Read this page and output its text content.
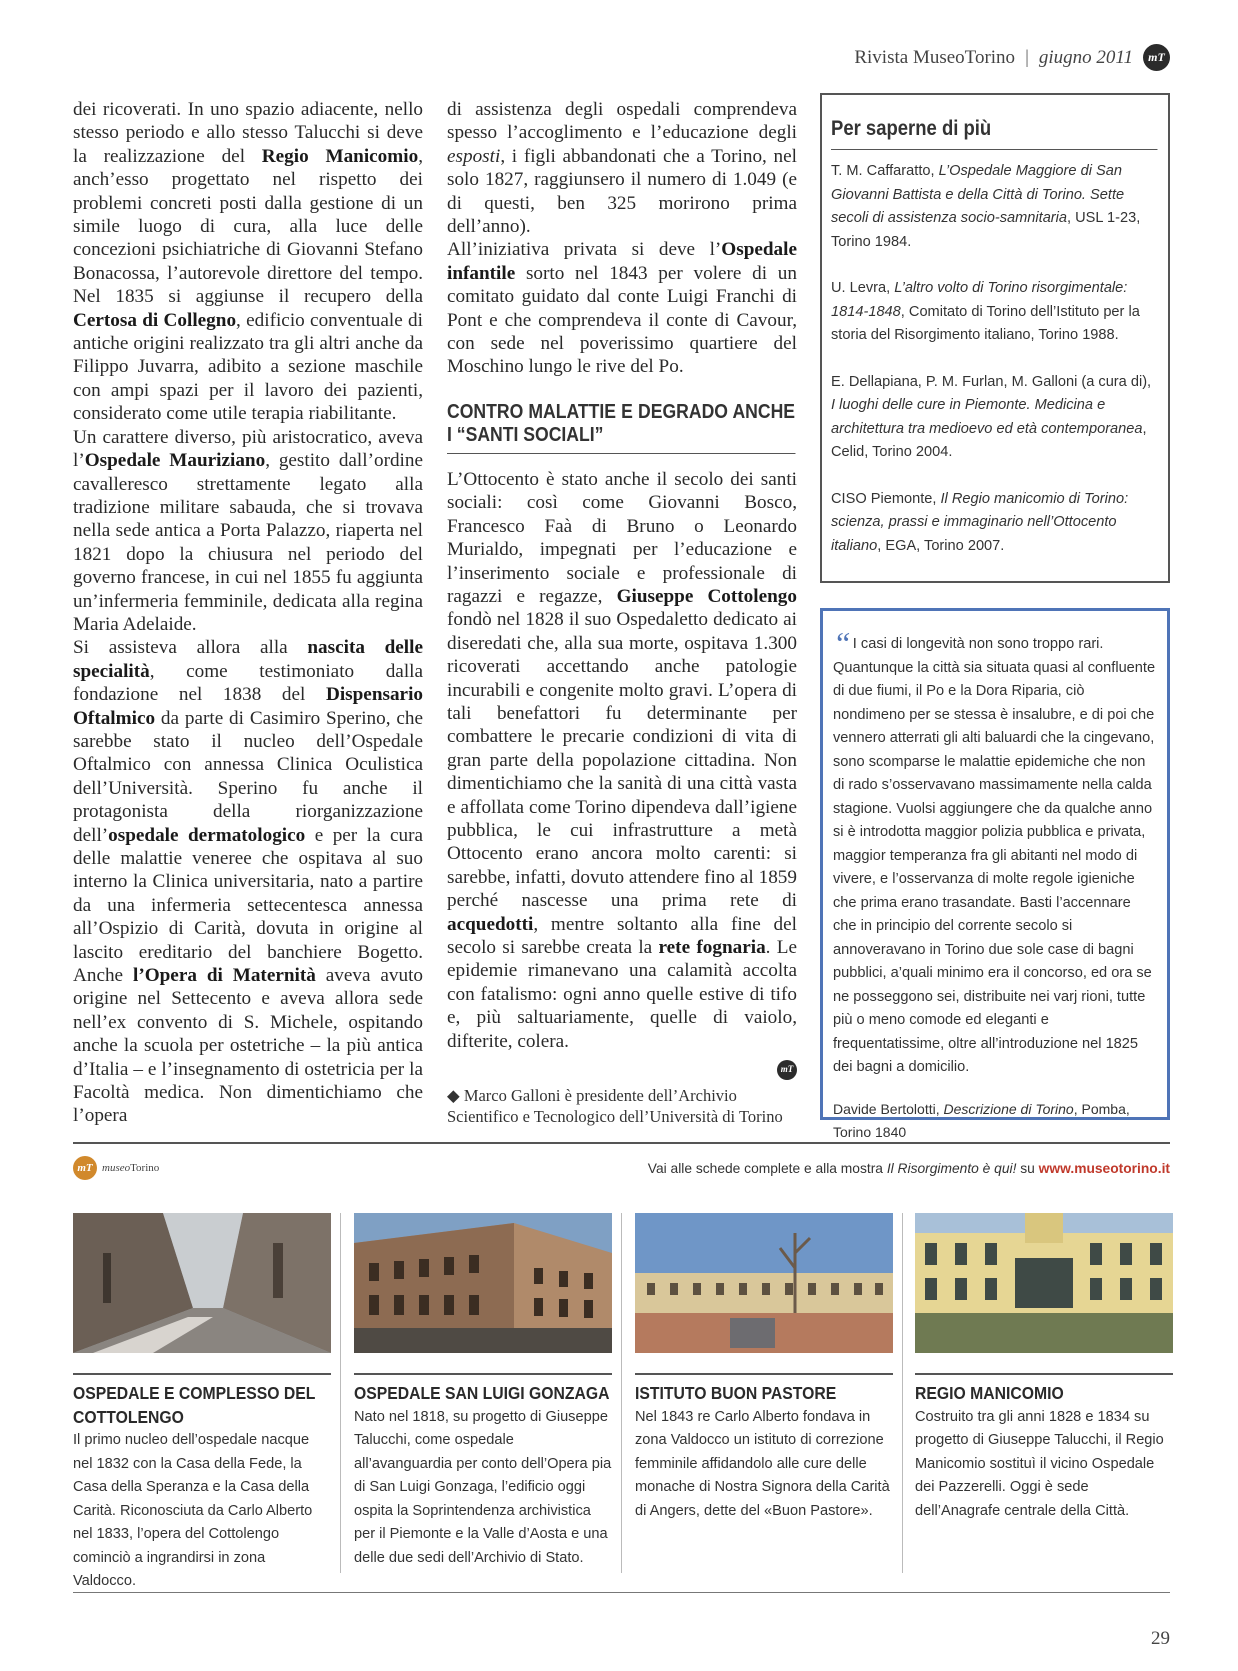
Rivista MuseoTorino | giugno 2011	mT

dei ricoverati. In uno spazio adiacente, nello stesso periodo e allo stesso Talucchi si deve la realizzazione del Regio Manicomio, anch’esso progettato nel rispetto dei problemi concreti posti dalla gestione di un simile luogo di cura, alla luce delle concezioni psichiatriche di Giovanni Stefano Bonacossa, l’autorevole direttore del tempo. Nel 1835 si aggiunse il recupero della Certosa di Collegno, edificio conventuale di antiche origini realizzato tra gli altri anche da Filippo Juvarra, adibito a sezione maschile con ampi spazi per il lavoro dei pazienti, considerato come utile terapia riabilitante.

Un carattere diverso, più aristocratico, aveva l’Ospedale Mauriziano, gestito dall’ordine cavalleresco strettamente legato alla tradizione militare sabauda, che si trovava nella sede antica a Porta Palazzo, riaperta nel 1821 dopo la chiusura nel periodo del governo francese, in cui nel 1855 fu aggiunta un’infermeria femminile, dedicata alla regina Maria Adelaide.

Si assisteva allora alla nascita delle specialità, come testimoniato dalla fondazione nel 1838 del Dispensario Oftalmico da parte di Casimiro Sperino, che sarebbe stato il nucleo dell’Ospedale Oftalmico con annessa Clinica Oculistica dell’Università. Sperino fu anche il protagonista della riorganizzazione dell’ospedale dermatologico e per la cura delle malattie veneree che ospitava al suo interno la Clinica universitaria, nato a partire da una infermeria settecentesca annessa all’Ospizio di Carità, dovuta in origine al lascito ereditario del banchiere Bogetto. Anche l’Opera di Maternità aveva avuto origine nel Settecento e aveva allora sede nell’ex convento di S. Michele, ospitando anche la scuola per ostetriche – la più antica d’Italia – e l’insegnamento di ostetricia per la Facoltà medica. Non dimentichiamo che l’opera

di assistenza degli ospedali comprendeva spesso l’accoglimento e l’educazione degli esposti, i figli abbandonati che a Torino, nel solo 1827, raggiunsero il numero di 1.049 (e di questi, ben 325 morirono prima dell’anno).

All’iniziativa privata si deve l’Ospedale infantile sorto nel 1843 per volere di un comitato guidato dal conte Luigi Franchi di Pont e che comprendeva il conte di Cavour, con sede nel poverissimo quartiere del Moschino lungo le rive del Po.

CONTRO MALATTIE E DEGRADO ANCHE I “SANTI SOCIALI”

L’Ottocento è stato anche il secolo dei santi sociali: così come Giovanni Bosco, Francesco Faà di Bruno o Leonardo Murialdo, impegnati per l’educazione e l’inserimento sociale e professionale di ragazzi e regazze, Giuseppe Cottolengo fondò nel 1828 il suo Ospedaletto dedicato ai diseredati che, alla sua morte, ospitava 1.300 ricoverati accettando anche patologie incurabili e congenite molto gravi. L’opera di tali benefattori fu determinante per combattere le precarie condizioni di vita di gran parte della popolazione cittadina. Non dimentichiamo che la sanità di una città vasta e affollata come Torino dipendeva dall’igiene pubblica, le cui infrastrutture a metà Ottocento erano ancora molto carenti: si sarebbe, infatti, dovuto attendere fino al 1859 perché nascesse una prima rete di acquedotti, mentre soltanto alla fine del secolo si sarebbe creata la rete fognaria. Le epidemie rimanevano una calamità accolta con fatalismo: ogni anno quelle estive di tifo e, più saltuariamente, quelle di vaiolo, difterite, colera.

mT
◆ Marco Galloni è presidente dell’Archivio Scientifico e Tecnologico dell’Università di Torino
Per saperne di più
T. M. Caffaratto, L’Ospedale Maggiore di San Giovanni Battista e della Città di Torino. Sette secoli di assistenza socio-samnitaria, USL 1-23, Torino 1984.
U. Levra, L’altro volto di Torino risorgimentale: 1814-1848, Comitato di Torino dell’Istituto per la storia del Risorgimento italiano, Torino 1988.
E. Dellapiana, P. M. Furlan, M. Galloni (a cura di), I luoghi delle cure in Piemonte. Medicina e architettura tra medioevo ed età contemporanea, Celid, Torino 2004.
CISO Piemonte, Il Regio manicomio di Torino: scienza, prassi e immaginario nell’Ottocento italiano, EGA, Torino 2007.
“ I casi di longevità non sono troppo rari. Quantunque la città sia situata quasi al confluente di due fiumi, il Po e la Dora Riparia, ciò nondimeno per se stessa è insalubre, e di poi che vennero atterrati gli alti baluardi che la cingevano, sono scomparse le malattie epidemiche che non di rado s’osservavano massimamente nella calda stagione. Vuolsi aggiungere che da qualche anno si è introdotta maggior polizia pubblica e privata, maggior temperanza fra gli abitanti nel modo di vivere, e l’osservanza di molte regole igieniche che prima erano trasandate. Basti l’accennare che in principio del corrente secolo si annoveravano in Torino due sole case di bagni pubblici, a’quali minimo era il concorso, ed ora se ne posseggono sei, distribuite nei varj rioni, tutte più o meno comode ed eleganti e frequentatissime, oltre all’introduzione nel 1825 dei bagni a domicilio.
Davide Bertolotti, Descrizione di Torino, Pomba, Torino 1840
mT museoTorino	Vai alle schede complete e alla mostra Il Risorgimento è qui! su www.museotorino.it
OSPEDALE E COMPLESSO DEL COTTOLENGO
Il primo nucleo dell’ospedale nacque nel 1832 con la Casa della Fede, la Casa della Speranza e la Casa della Carità. Riconosciuta da Carlo Alberto nel 1833, l’opera del Cottolengo cominciò a ingrandirsi in zona Valdocco.
OSPEDALE SAN LUIGI GONZAGA
Nato nel 1818, su progetto di Giuseppe Talucchi, come ospedale all’avanguardia per conto dell’Opera pia di San Luigi Gonzaga, l’edificio oggi ospita la Soprintendenza archivistica per il Piemonte e la Valle d’Aosta e una delle due sedi dell’Archivio di Stato.
ISTITUTO BUON PASTORE
Nel 1843 re Carlo Alberto fondava in zona Valdocco un istituto di correzione femminile affidandolo alle cure delle monache di Nostra Signora della Carità di Angers, dette del «Buon Pastore».
REGIO MANICOMIO
Costruito tra gli anni 1828 e 1834 su progetto di Giuseppe Talucchi, il Regio Manicomio sostituì il vicino Ospedale dei Pazzerelli. Oggi è sede dell’Anagrafe centrale della Città.
29
